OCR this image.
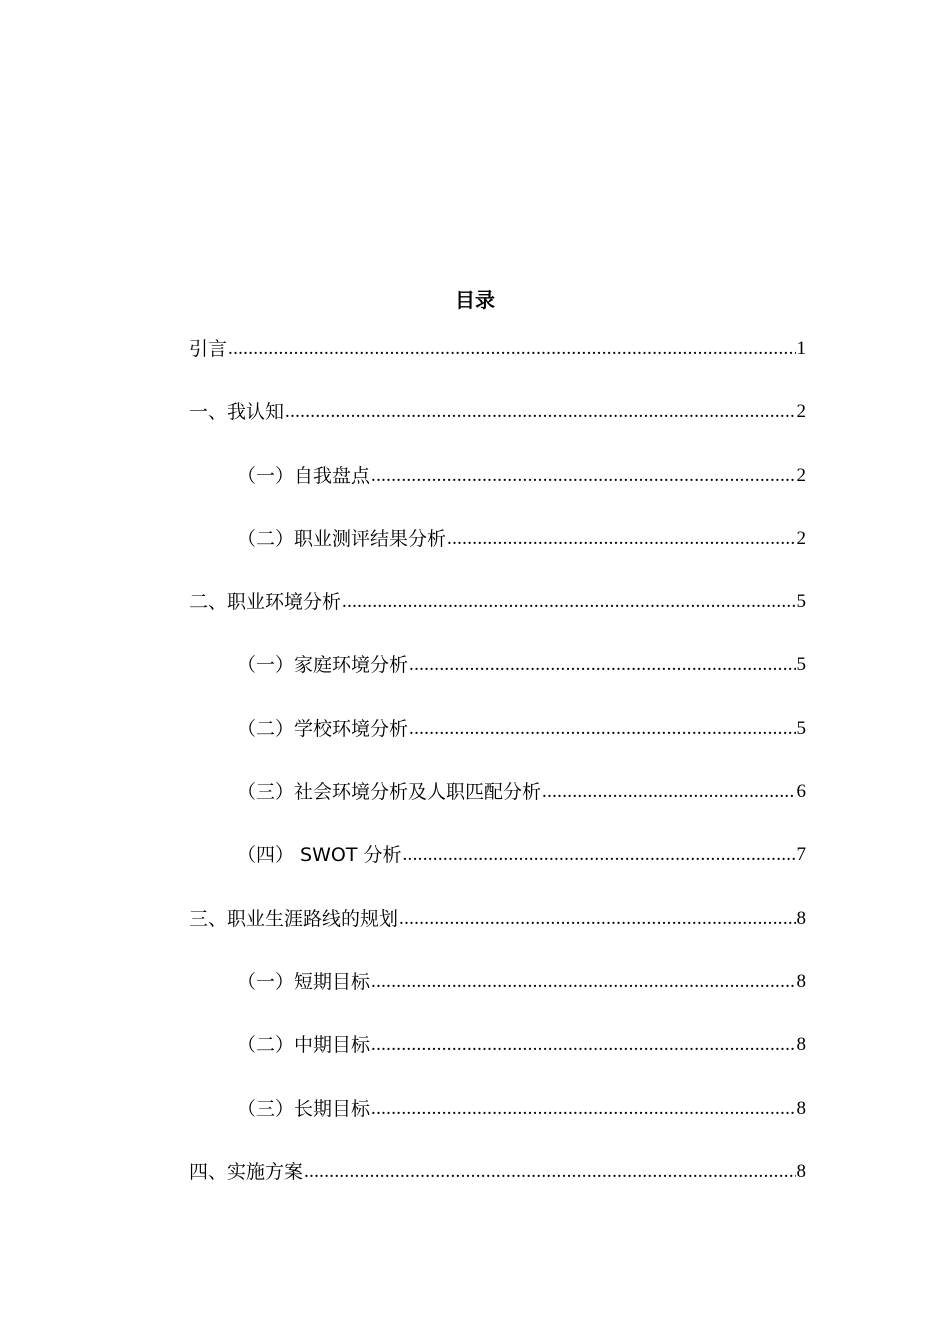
目录
引言 .....	1
一、我认知 .....	2
（一）自我盘点 .....	2
（二）职业测评结果分析 .....	2
二、职业环境分析 .....	5
（一）家庭环境分析 .....	5
（二）学校环境分析 .....	5
（三）社会环境分析及人职匹配分析 .....	6
（四） SWOT 分析 .....	7
三、职业生涯路线的规划 .....	8
（一）短期目标 .....	8
（二）中期目标 .....	8
（三）长期目标 .....	8
四、实施方案 .....	8
